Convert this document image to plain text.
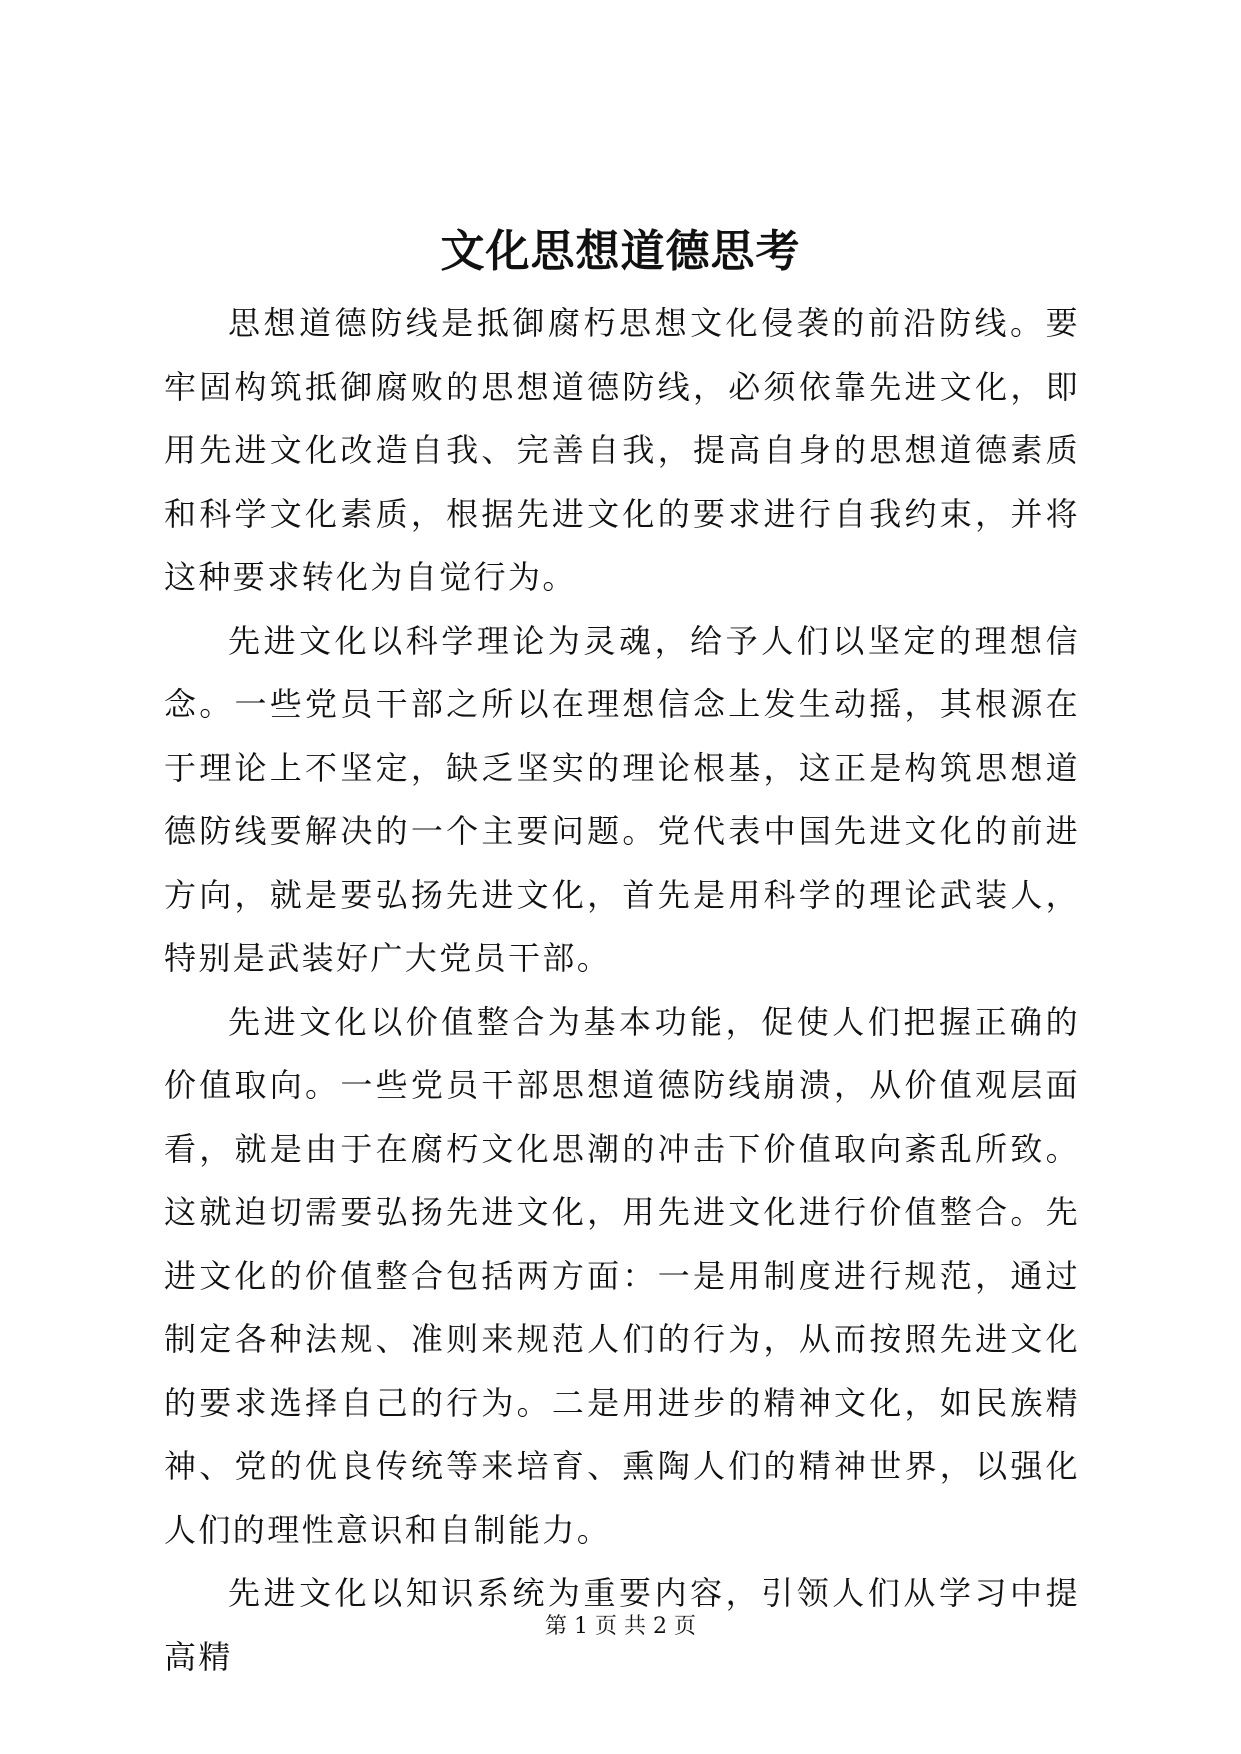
文化思想道德思考

思想道德防线是抵御腐朽思想文化侵袭的前沿防线。要牢固构筑抵御腐败的思想道德防线，必须依靠先进文化，即用先进文化改造自我、完善自我，提高自身的思想道德素质和科学文化素质，根据先进文化的要求进行自我约束，并将这种要求转化为自觉行为。

先进文化以科学理论为灵魂，给予人们以坚定的理想信念。一些党员干部之所以在理想信念上发生动摇，其根源在于理论上不坚定，缺乏坚实的理论根基，这正是构筑思想道德防线要解决的一个主要问题。党代表中国先进文化的前进方向，就是要弘扬先进文化，首先是用科学的理论武装人，特别是武装好广大党员干部。

先进文化以价值整合为基本功能，促使人们把握正确的价值取向。一些党员干部思想道德防线崩溃，从价值观层面看，就是由于在腐朽文化思潮的冲击下价值取向紊乱所致。这就迫切需要弘扬先进文化，用先进文化进行价值整合。先进文化的价值整合包括两方面：一是用制度进行规范，通过制定各种法规、准则来规范人们的行为，从而按照先进文化的要求选择自己的行为。二是用进步的精神文化，如民族精神、党的优良传统等来培育、熏陶人们的精神世界，以强化人们的理性意识和自制能力。

先进文化以知识系统为重要内容，引领人们从学习中提高精

第 1 页 共 2 页
